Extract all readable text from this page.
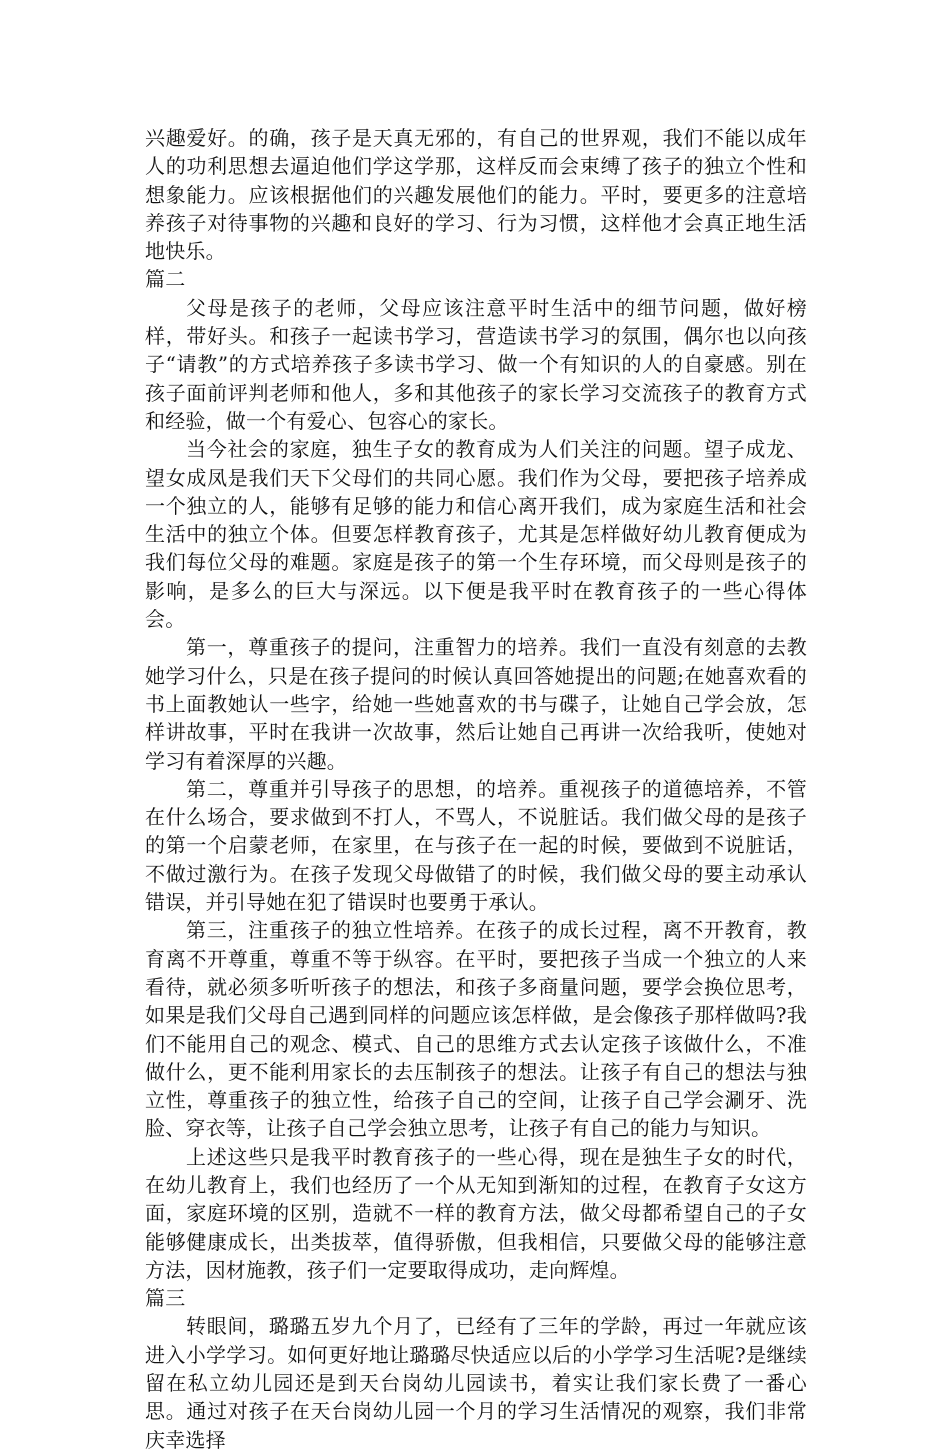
兴趣爱好。的确，孩子是天真无邪的，有自己的世界观，我们不能以成年人的功利思想去逼迫他们学这学那，这样反而会束缚了孩子的独立个性和想象能力。应该根据他们的兴趣发展他们的能力。平时，要更多的注意培养孩子对待事物的兴趣和良好的学习、行为习惯，这样他才会真正地生活地快乐。

篇二

父母是孩子的老师，父母应该注意平时生活中的细节问题，做好榜样，带好头。和孩子一起读书学习，营造读书学习的氛围，偶尔也以向孩子“请教”的方式培养孩子多读书学习、做一个有知识的人的自豪感。别在孩子面前评判老师和他人，多和其他孩子的家长学习交流孩子的教育方式和经验，做一个有爱心、包容心的家长。

当今社会的家庭，独生子女的教育成为人们关注的问题。望子成龙、望女成凤是我们天下父母们的共同心愿。我们作为父母，要把孩子培养成一个独立的人，能够有足够的能力和信心离开我们，成为家庭生活和社会生活中的独立个体。但要怎样教育孩子，尤其是怎样做好幼儿教育便成为我们每位父母的难题。家庭是孩子的第一个生存环境，而父母则是孩子的影响，是多么的巨大与深远。以下便是我平时在教育孩子的一些心得体会。

第一，尊重孩子的提问，注重智力的培养。我们一直没有刻意的去教她学习什么，只是在孩子提问的时候认真回答她提出的问题;在她喜欢看的书上面教她认一些字，给她一些她喜欢的书与碟子，让她自己学会放，怎样讲故事，平时在我讲一次故事，然后让她自己再讲一次给我听，使她对学习有着深厚的兴趣。

第二，尊重并引导孩子的思想，的培养。重视孩子的道德培养，不管在什么场合，要求做到不打人，不骂人，不说脏话。我们做父母的是孩子的第一个启蒙老师，在家里，在与孩子在一起的时候，要做到不说脏话，不做过激行为。在孩子发现父母做错了的时候，我们做父母的要主动承认错误，并引导她在犯了错误时也要勇于承认。

第三，注重孩子的独立性培养。在孩子的成长过程，离不开教育，教育离不开尊重，尊重不等于纵容。在平时，要把孩子当成一个独立的人来看待，就必须多听听孩子的想法，和孩子多商量问题，要学会换位思考，如果是我们父母自己遇到同样的问题应该怎样做，是会像孩子那样做吗?我们不能用自己的观念、模式、自己的思维方式去认定孩子该做什么，不准做什么，更不能利用家长的去压制孩子的想法。让孩子有自己的想法与独立性，尊重孩子的独立性，给孩子自己的空间，让孩子自己学会涮牙、洗脸、穿衣等，让孩子自己学会独立思考，让孩子有自己的能力与知识。

上述这些只是我平时教育孩子的一些心得，现在是独生子女的时代，在幼儿教育上，我们也经历了一个从无知到渐知的过程，在教育子女这方面，家庭环境的区别，造就不一样的教育方法，做父母都希望自己的子女能够健康成长，出类拔萃，值得骄傲，但我相信，只要做父母的能够注意方法，因材施教，孩子们一定要取得成功，走向辉煌。

篇三

转眼间，璐璐五岁九个月了，已经有了三年的学龄，再过一年就应该进入小学学习。如何更好地让璐璐尽快适应以后的小学学习生活呢?是继续留在私立幼儿园还是到天台岗幼儿园读书，着实让我们家长费了一番心思。通过对孩子在天台岗幼儿园一个月的学习生活情况的观察，我们非常庆幸选择
